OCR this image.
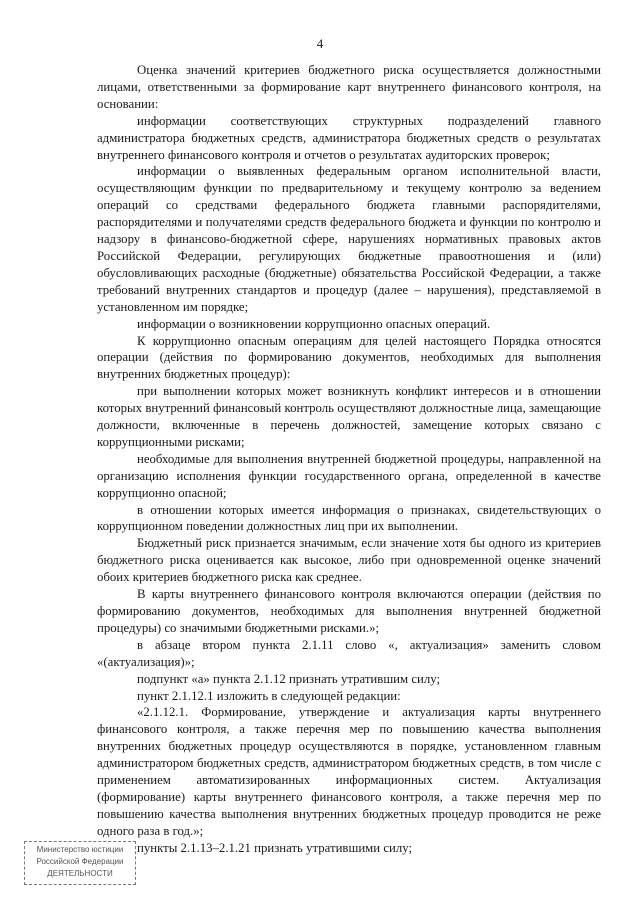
4

Оценка значений критериев бюджетного риска осуществляется должностными лицами, ответственными за формирование карт внутреннего финансового контроля, на основании:

информации соответствующих структурных подразделений главного администратора бюджетных средств, администратора бюджетных средств о результатах внутреннего финансового контроля и отчетов о результатах аудиторских проверок;

информации о выявленных федеральным органом исполнительной власти, осуществляющим функции по предварительному и текущему контролю за ведением операций со средствами федерального бюджета главными распорядителями, распорядителями и получателями средств федерального бюджета и функции по контролю и надзору в финансово-бюджетной сфере, нарушениях нормативных правовых актов Российской Федерации, регулирующих бюджетные правоотношения и (или) обусловливающих расходные (бюджетные) обязательства Российской Федерации, а также требований внутренних стандартов и процедур (далее – нарушения), представляемой в установленном им порядке;

информации о возникновении коррупционно опасных операций.

К коррупционно опасным операциям для целей настоящего Порядка относятся операции (действия по формированию документов, необходимых для выполнения внутренних бюджетных процедур):

при выполнении которых может возникнуть конфликт интересов и в отношении которых внутренний финансовый контроль осуществляют должностные лица, замещающие должности, включенные в перечень должностей, замещение которых связано с коррупционными рисками;

необходимые для выполнения внутренней бюджетной процедуры, направленной на организацию исполнения функции государственного органа, определенной в качестве коррупционно опасной;

в отношении которых имеется информация о признаках, свидетельствующих о коррупционном поведении должностных лиц при их выполнении.

Бюджетный риск признается значимым, если значение хотя бы одного из критериев бюджетного риска оценивается как высокое, либо при одновременной оценке значений обоих критериев бюджетного риска как среднее.

В карты внутреннего финансового контроля включаются операции (действия по формированию документов, необходимых для выполнения внутренней бюджетной процедуры) со значимыми бюджетными рисками.»;

в абзаце втором пункта 2.1.11 слово «, актуализация» заменить словом «(актуализация)»;

подпункт «а» пункта 2.1.12 признать утратившим силу;

пункт 2.1.12.1 изложить в следующей редакции:

«2.1.12.1. Формирование, утверждение и актуализация карты внутреннего финансового контроля, а также перечня мер по повышению качества выполнения внутренних бюджетных процедур осуществляются в порядке, установленном главным администратором бюджетных средств, администратором бюджетных средств, в том числе с применением автоматизированных информационных систем. Актуализация (формирование) карты внутреннего финансового контроля, а также перечня мер по повышению качества выполнения внутренних бюджетных процедур проводится не реже одного раза в год.»;

пункты 2.1.13–2.1.21 признать утратившими силу;

Министерство юстиции
Российской Федерации
ДЕЯТЕЛЬНОСТИ
